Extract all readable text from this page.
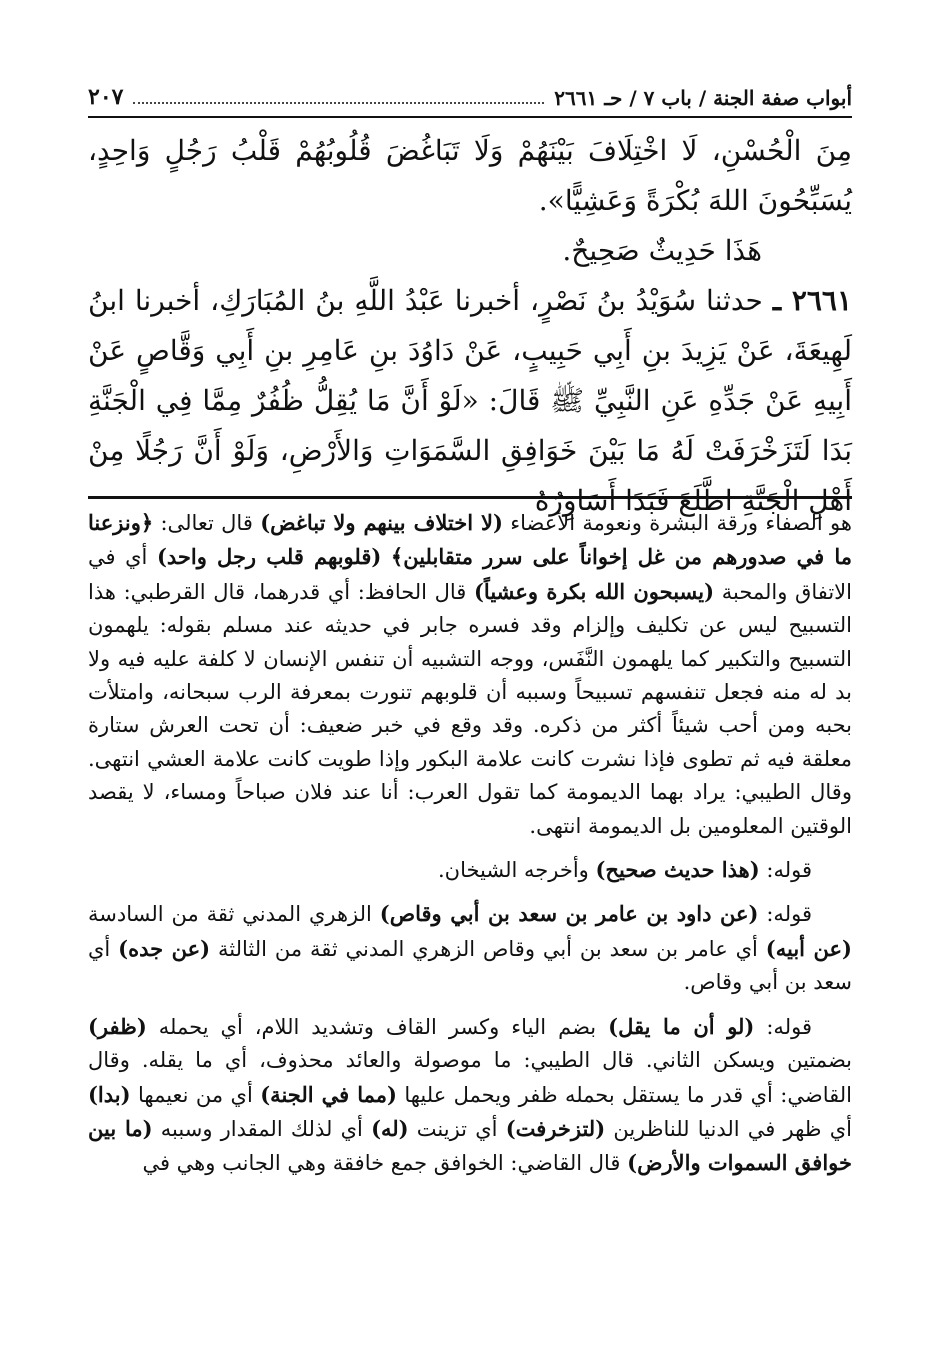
أبواب صفة الجنة / باب ٧ / حـ ٢٦٦١
٢٠٧

مِنَ الْحُسْنِ، لَا اخْتِلَافَ بَيْنَهُمْ وَلَا تَبَاغُضَ قُلُوبُهُمْ قَلْبُ رَجُلٍ وَاحِدٍ، يُسَبِّحُونَ اللهَ بُكْرَةً وَعَشِيًّا».

هَذَا حَدِيثٌ صَحِيحٌ.

٢٦٦١ ـ حدثنا سُوَيْدُ بنُ نَصْرٍ، أخبرنا عَبْدُ اللَّهِ بنُ المُبَارَكِ، أخبرنا ابنُ لَهِيعَةَ، عَنْ يَزِيدَ بنِ أَبِي حَبِيبٍ، عَنْ دَاوُدَ بنِ عَامِرِ بنِ أَبِي وَقَّاصٍ عَنْ أَبِيهِ عَنْ جَدِّهِ عَنِ النَّبِيِّ ﷺ قَالَ: «لَوْ أَنَّ مَا يُقِلُّ ظُفُرٌ مِمَّا فِي الْجَنَّةِ بَدَا لَتَزَخْرَفَتْ لَهُ مَا بَيْنَ خَوَافِقِ السَّمَوَاتِ وَالأَرْضِ، وَلَوْ أَنَّ رَجُلًا مِنْ أَهْلِ الْجَنَّةِ اطَّلَعَ فَبَدَا أَسَاوِرُهُ

هو الصفاء ورقة البشرة ونعومة الأعضاء (لا اختلاف بينهم ولا تباغض) قال تعالى: ﴿ونزعنا ما في صدورهم من غل إخواناً على سرر متقابلين﴾ (قلوبهم قلب رجل واحد) أي في الاتفاق والمحبة (يسبحون الله بكرة وعشياً) قال الحافظ: أي قدرهما، قال القرطبي: هذا التسبيح ليس عن تكليف وإلزام وقد فسره جابر في حديثه عند مسلم بقوله: يلهمون التسبيح والتكبير كما يلهمون النَّفَس، ووجه التشبيه أن تنفس الإنسان لا كلفة عليه فيه ولا بد له منه فجعل تنفسهم تسبيحاً وسببه أن قلوبهم تنورت بمعرفة الرب سبحانه، وامتلأت بحبه ومن أحب شيئاً أكثر من ذكره. وقد وقع في خبر ضعيف: أن تحت العرش ستارة معلقة فيه ثم تطوى فإذا نشرت كانت علامة البكور وإذا طويت كانت علامة العشي انتهى. وقال الطيبي: يراد بهما الديمومة كما تقول العرب: أنا عند فلان صباحاً ومساء، لا يقصد الوقتين المعلومين بل الديمومة انتهى.

قوله: (هذا حديث صحيح) وأخرجه الشيخان.

قوله: (عن داود بن عامر بن سعد بن أبي وقاص) الزهري المدني ثقة من السادسة (عن أبيه) أي عامر بن سعد بن أبي وقاص الزهري المدني ثقة من الثالثة (عن جده) أي سعد بن أبي وقاص.

قوله: (لو أن ما يقل) بضم الياء وكسر القاف وتشديد اللام، أي يحمله (ظفر) بضمتين ويسكن الثاني. قال الطيبي: ما موصولة والعائد محذوف، أي ما يقله. وقال القاضي: أي قدر ما يستقل بحمله ظفر ويحمل عليها (مما في الجنة) أي من نعيمها (بدا) أي ظهر في الدنيا للناظرين (لتزخرفت) أي تزينت (له) أي لذلك المقدار وسببه (ما بين خوافق السموات والأرض) قال القاضي: الخوافق جمع خافقة وهي الجانب وهي في
